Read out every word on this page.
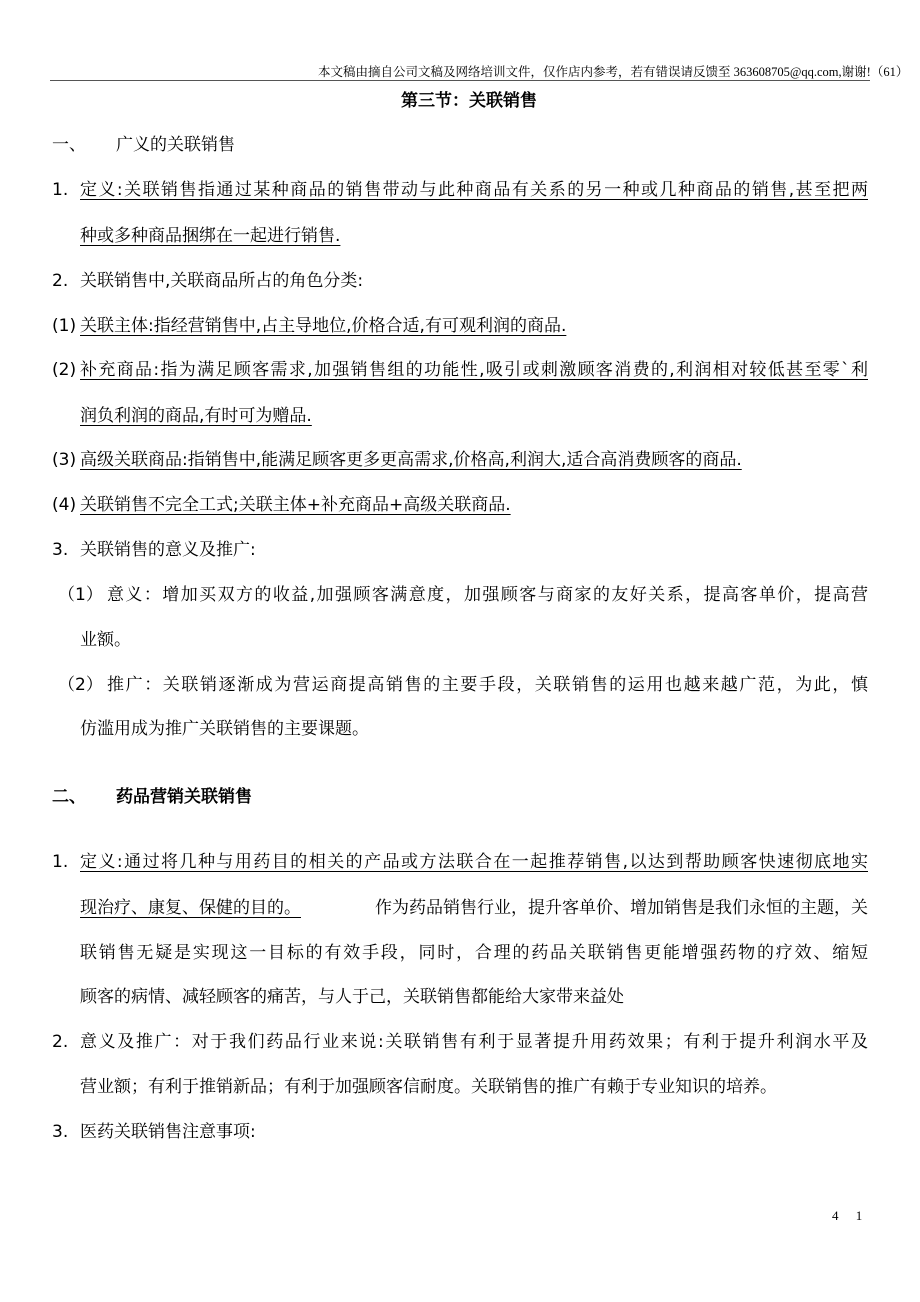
本文稿由摘自公司文稿及网络培训文件，仅作店内参考，若有错误请反馈至 363608705@qq.com,谢谢!（61）
第三节：关联销售
一、 广义的关联销售
1. 定义:关联销售指通过某种商品的销售带动与此种商品有关系的另一种或几种商品的销售,甚至把两
种或多种商品捆绑在一起进行销售.
2. 关联销售中,关联商品所占的角色分类:
(1) 关联主体:指经营销售中,占主导地位,价格合适,有可观利润的商品.
(2) 补充商品:指为满足顾客需求,加强销售组的功能性,吸引或刺激顾客消费的,利润相对较低甚至零`利
润负利润的商品,有时可为赠品.
(3) 高级关联商品:指销售中,能满足顾客更多更高需求,价格高,利润大,适合高消费顾客的商品.
(4) 关联销售不完全工式;关联主体+补充商品+高级关联商品.
3. 关联销售的意义及推广:
（1） 意义：增加买双方的收益,加强顾客满意度，加强顾客与商家的友好关系，提高客单价，提高营
业额。
（2） 推广：关联销逐渐成为营运商提高销售的主要手段，关联销售的运用也越来越广范，为此，慎
仿滥用成为推广关联销售的主要课题。
二、 药品营销关联销售
1. 定义:通过将几种与用药目的相关的产品或方法联合在一起推荐销售,以达到帮助顾客快速彻底地实
现治疗、康复、保健的目的。	作为药品销售行业，提升客单价、增加销售是我们永恒的主题，关
联销售无疑是实现这一目标的有效手段，同时，合理的药品关联销售更能增强药物的疗效、缩短
顾客的病情、减轻顾客的痛苦，与人于己，关联销售都能给大家带来益处
2. 意义及推广：对于我们药品行业来说:关联销售有利于显著提升用药效果；有利于提升利润水平及
营业额；有利于推销新品；有利于加强顾客信耐度。关联销售的推广有赖于专业知识的培养。
3. 医药关联销售注意事项:
4 1
